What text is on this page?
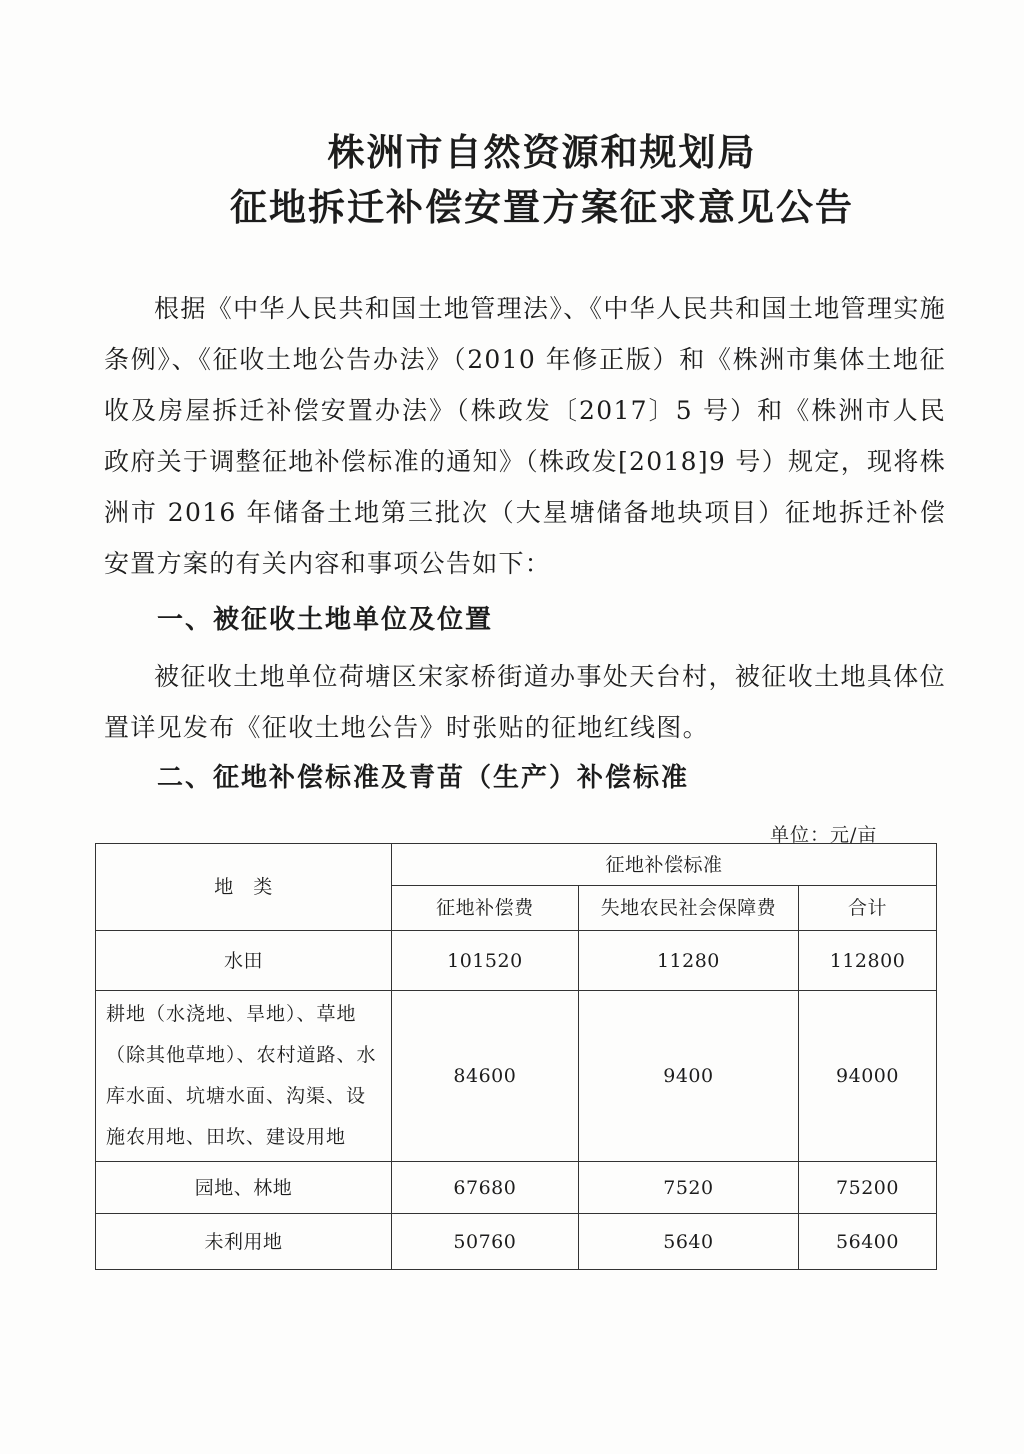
株洲市自然资源和规划局
征地拆迁补偿安置方案征求意见公告
根据《中华人民共和国土地管理法》、《中华人民共和国土地管理实施条例》、《征收土地公告办法》（2010 年修正版）和《株洲市集体土地征收及房屋拆迁补偿安置办法》（株政发〔2017〕5 号）和《株洲市人民政府关于调整征地补偿标准的通知》（株政发[2018]9 号）规定，现将株洲市 2016 年储备土地第三批次（大星塘储备地块项目）征地拆迁补偿安置方案的有关内容和事项公告如下：
一、被征收土地单位及位置
被征收土地单位荷塘区宋家桥街道办事处天台村，被征收土地具体位置详见发布《征收土地公告》时张贴的征地红线图。
二、征地补偿标准及青苗（生产）补偿标准
单位：元/亩
地　类	征地补偿标准		
	征地补偿费	失地农民社会保障费	合计
水田	101520	11280	112800
耕地（水浇地、旱地）、草地（除其他草地）、农村道路、水库水面、坑塘水面、沟渠、设施农用地、田坎、建设用地	84600	9400	94000
园地、林地	67680	7520	75200
未利用地	50760	5640	56400
